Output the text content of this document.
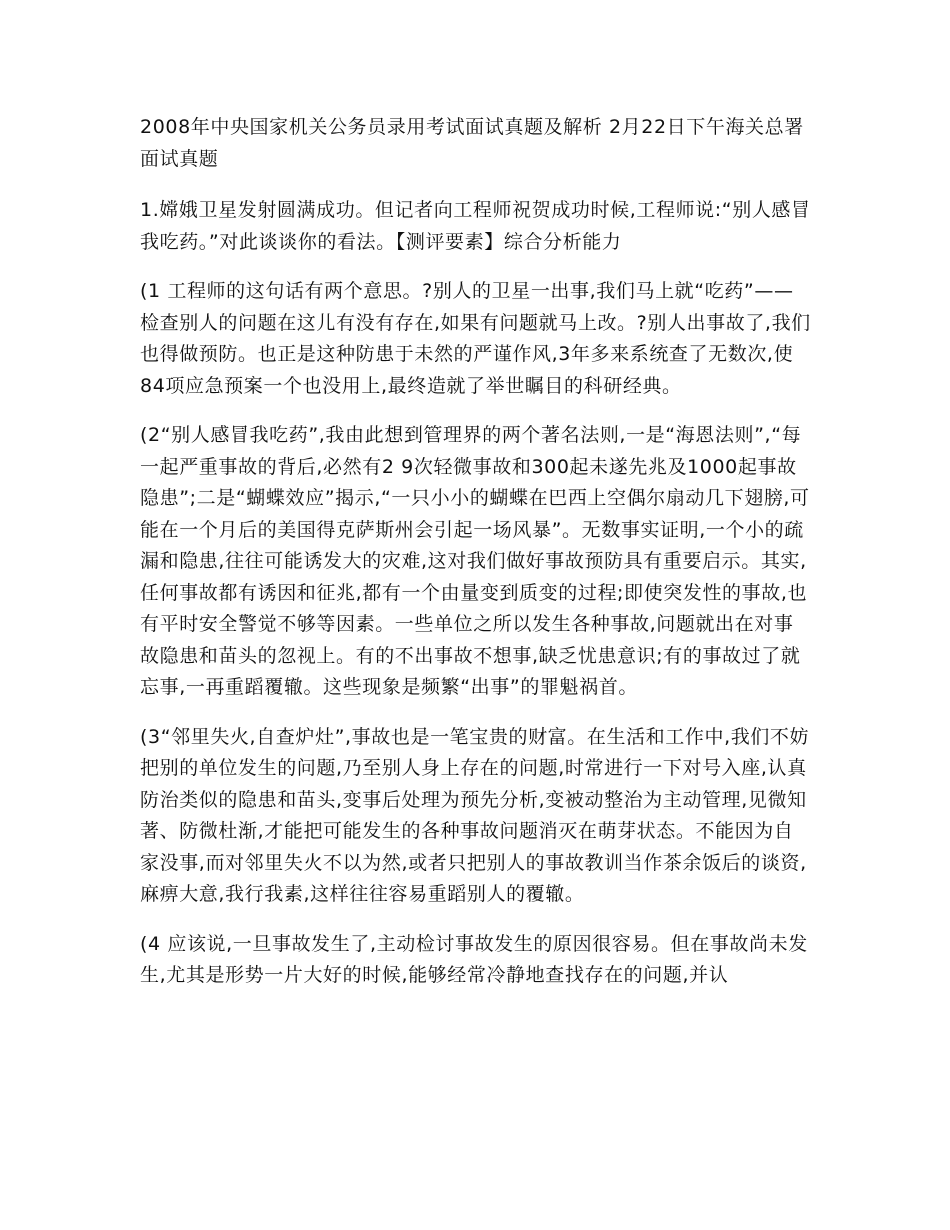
2008年中央国家机关公务员录用考试面试真题及解析 2月22日下午海关总署面试真题

1.嫦娥卫星发射圆满成功。但记者向工程师祝贺成功时候,工程师说:“别人感冒我吃药。”对此谈谈你的看法。【测评要素】综合分析能力

(1 工程师的这句话有两个意思。?别人的卫星一出事,我们马上就“吃药”——检查别人的问题在这儿有没有存在,如果有问题就马上改。?别人出事故了,我们也得做预防。也正是这种防患于未然的严谨作风,3年多来系统查了无数次,使84项应急预案一个也没用上,最终造就了举世瞩目的科研经典。

(2“别人感冒我吃药”,我由此想到管理界的两个著名法则,一是“海恩法则”,“每一起严重事故的背后,必然有2 9次轻微事故和300起未遂先兆及1000起事故隐患”;二是“蝴蝶效应”揭示,“一只小小的蝴蝶在巴西上空偶尔扇动几下翅膀,可能在一个月后的美国得克萨斯州会引起一场风暴”。无数事实证明,一个小的疏漏和隐患,往往可能诱发大的灾难,这对我们做好事故预防具有重要启示。其实,任何事故都有诱因和征兆,都有一个由量变到质变的过程;即使突发性的事故,也有平时安全警觉不够等因素。一些单位之所以发生各种事故,问题就出在对事故隐患和苗头的忽视上。有的不出事故不想事,缺乏忧患意识;有的事故过了就忘事,一再重蹈覆辙。这些现象是频繁“出事”的罪魁祸首。

(3“邻里失火,自查炉灶”,事故也是一笔宝贵的财富。在生活和工作中,我们不妨把别的单位发生的问题,乃至别人身上存在的问题,时常进行一下对号入座,认真防治类似的隐患和苗头,变事后处理为预先分析,变被动整治为主动管理,见微知著、防微杜渐,才能把可能发生的各种事故问题消灭在萌芽状态。不能因为自家没事,而对邻里失火不以为然,或者只把别人的事故教训当作茶余饭后的谈资,麻痹大意,我行我素,这样往往容易重蹈别人的覆辙。

(4 应该说,一旦事故发生了,主动检讨事故发生的原因很容易。但在事故尚未发生,尤其是形势一片大好的时候,能够经常冷静地查找存在的问题,并认
